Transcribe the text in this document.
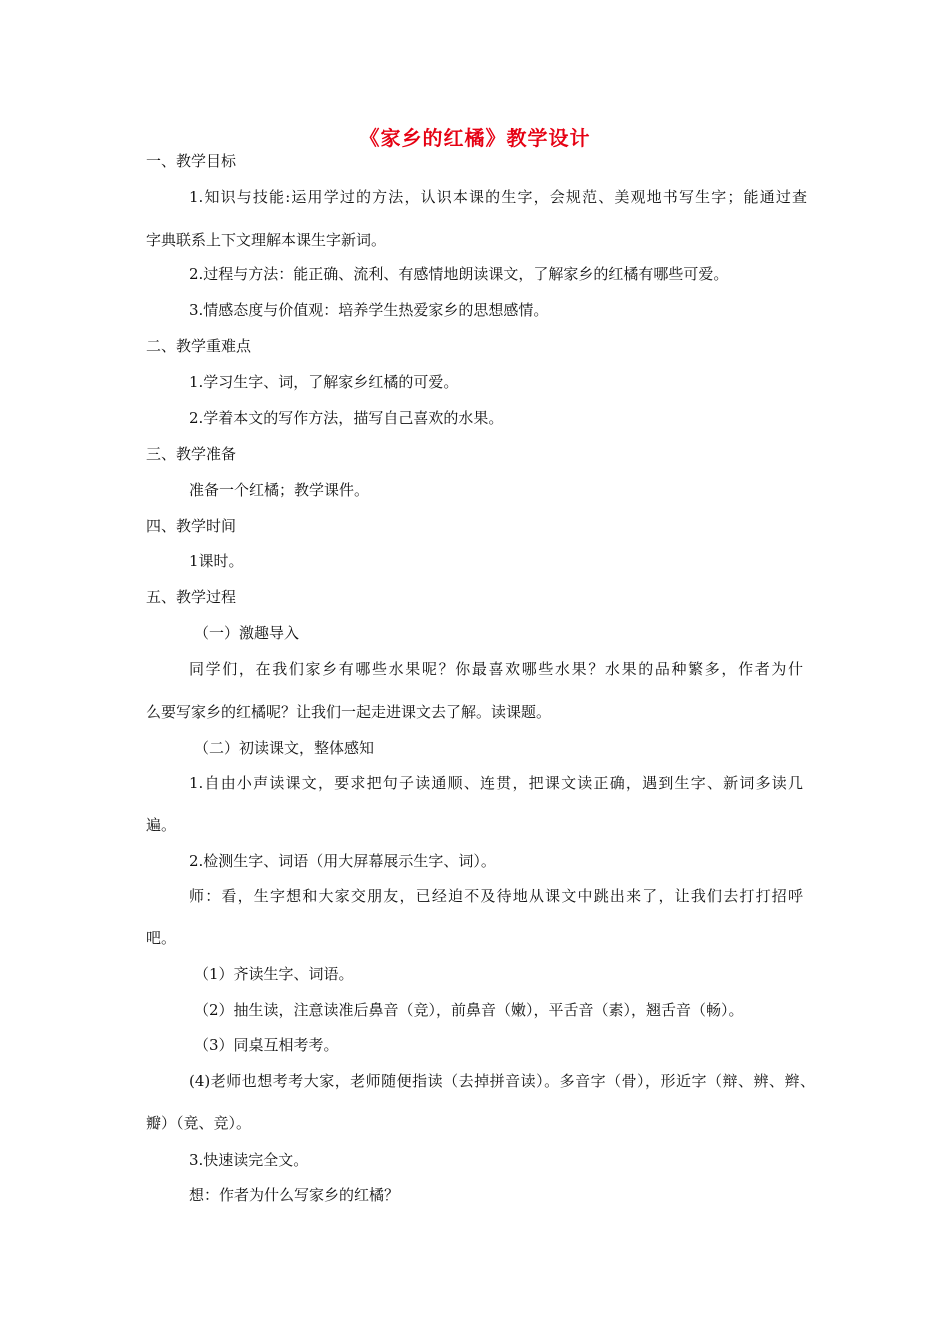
《家乡的红橘》教学设计
一、教学目标
1.知识与技能:运用学过的方法，认识本课的生字，会规范、美观地书写生字；能通过查
字典联系上下文理解本课生字新词。
2.过程与方法：能正确、流利、有感情地朗读课文，了解家乡的红橘有哪些可爱。
3.情感态度与价值观：培养学生热爱家乡的思想感情。
二、教学重难点
1.学习生字、词，了解家乡红橘的可爱。
2.学着本文的写作方法，描写自己喜欢的水果。
三、教学准备
准备一个红橘；教学课件。
四、教学时间
1课时。
五、教学过程
（一）激趣导入
同学们，在我们家乡有哪些水果呢？你最喜欢哪些水果？水果的品种繁多，作者为什
么要写家乡的红橘呢？让我们一起走进课文去了解。读课题。
（二）初读课文，整体感知
1.自由小声读课文，要求把句子读通顺、连贯，把课文读正确，遇到生字、新词多读几
遍。
2.检测生字、词语（用大屏幕展示生字、词）。
师：看，生字想和大家交朋友，已经迫不及待地从课文中跳出来了，让我们去打打招呼
吧。
（1）齐读生字、词语。
（2）抽生读，注意读准后鼻音（竞），前鼻音（嫩），平舌音（素），翘舌音（畅）。
（3）同桌互相考考。
(4)老师也想考考大家，老师随便指读（去掉拼音读）。多音字（骨），形近字（辩、辨、辫、
瓣）（竟、竞）。
3.快速读完全文。
想：作者为什么写家乡的红橘？
